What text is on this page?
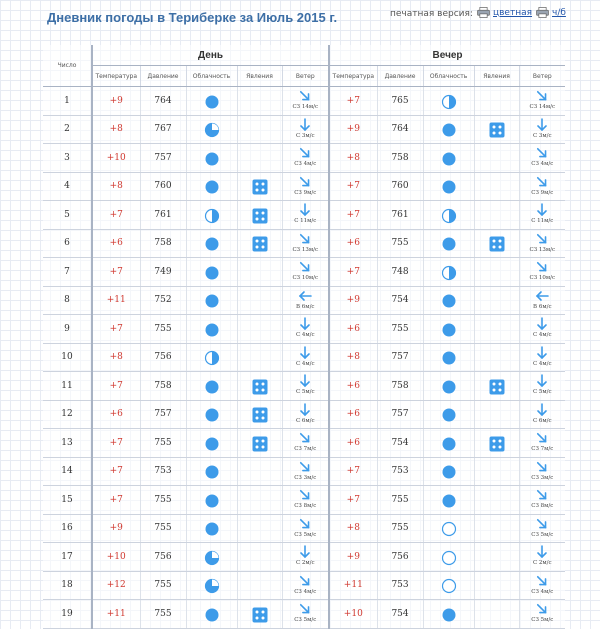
Дневник погоды в Териберке за Июль 2015 г.	печатная версия: цветная ч/б
Число	День					Вечер				
	Температура	Давление	Облачность	Явления	Ветер	Температура	Давление	Облачность	Явления	Ветер
1	+9	764			СЗ 14м/с	+7	765			СЗ 14м/с

2	+8	767			С 3м/с	+9	764			С 3м/с

3	+10	757			СЗ 4м/с	+8	758			СЗ 4м/с

4	+8	760			СЗ 9м/с	+7	760			СЗ 9м/с

5	+7	761			С 11м/с	+7	761			С 11м/с

6	+6	758			СЗ 13м/с	+6	755			СЗ 13м/с

7	+7	749			СЗ 10м/с	+7	748			СЗ 10м/с

8	+11	752			В 6м/с	+9	754			В 6м/с

9	+7	755			С 4м/с	+6	755			С 4м/с

10	+8	756			С 4м/с	+8	757			С 4м/с

11	+7	758			С 5м/с	+6	758			С 5м/с

12	+6	757			С 6м/с	+6	757			С 6м/с

13	+7	755			СЗ 7м/с	+6	754			СЗ 7м/с

14	+7	753			СЗ 3м/с	+7	753			СЗ 3м/с

15	+7	755			СЗ 8м/с	+7	755			СЗ 8м/с

16	+9	755			СЗ 5м/с	+8	755			СЗ 5м/с

17	+10	756			С 2м/с	+9	756			С 2м/с

18	+12	755			СЗ 4м/с	+11	753			СЗ 4м/с

19	+11	755			СЗ 5м/с	+10	754			СЗ 5м/с
